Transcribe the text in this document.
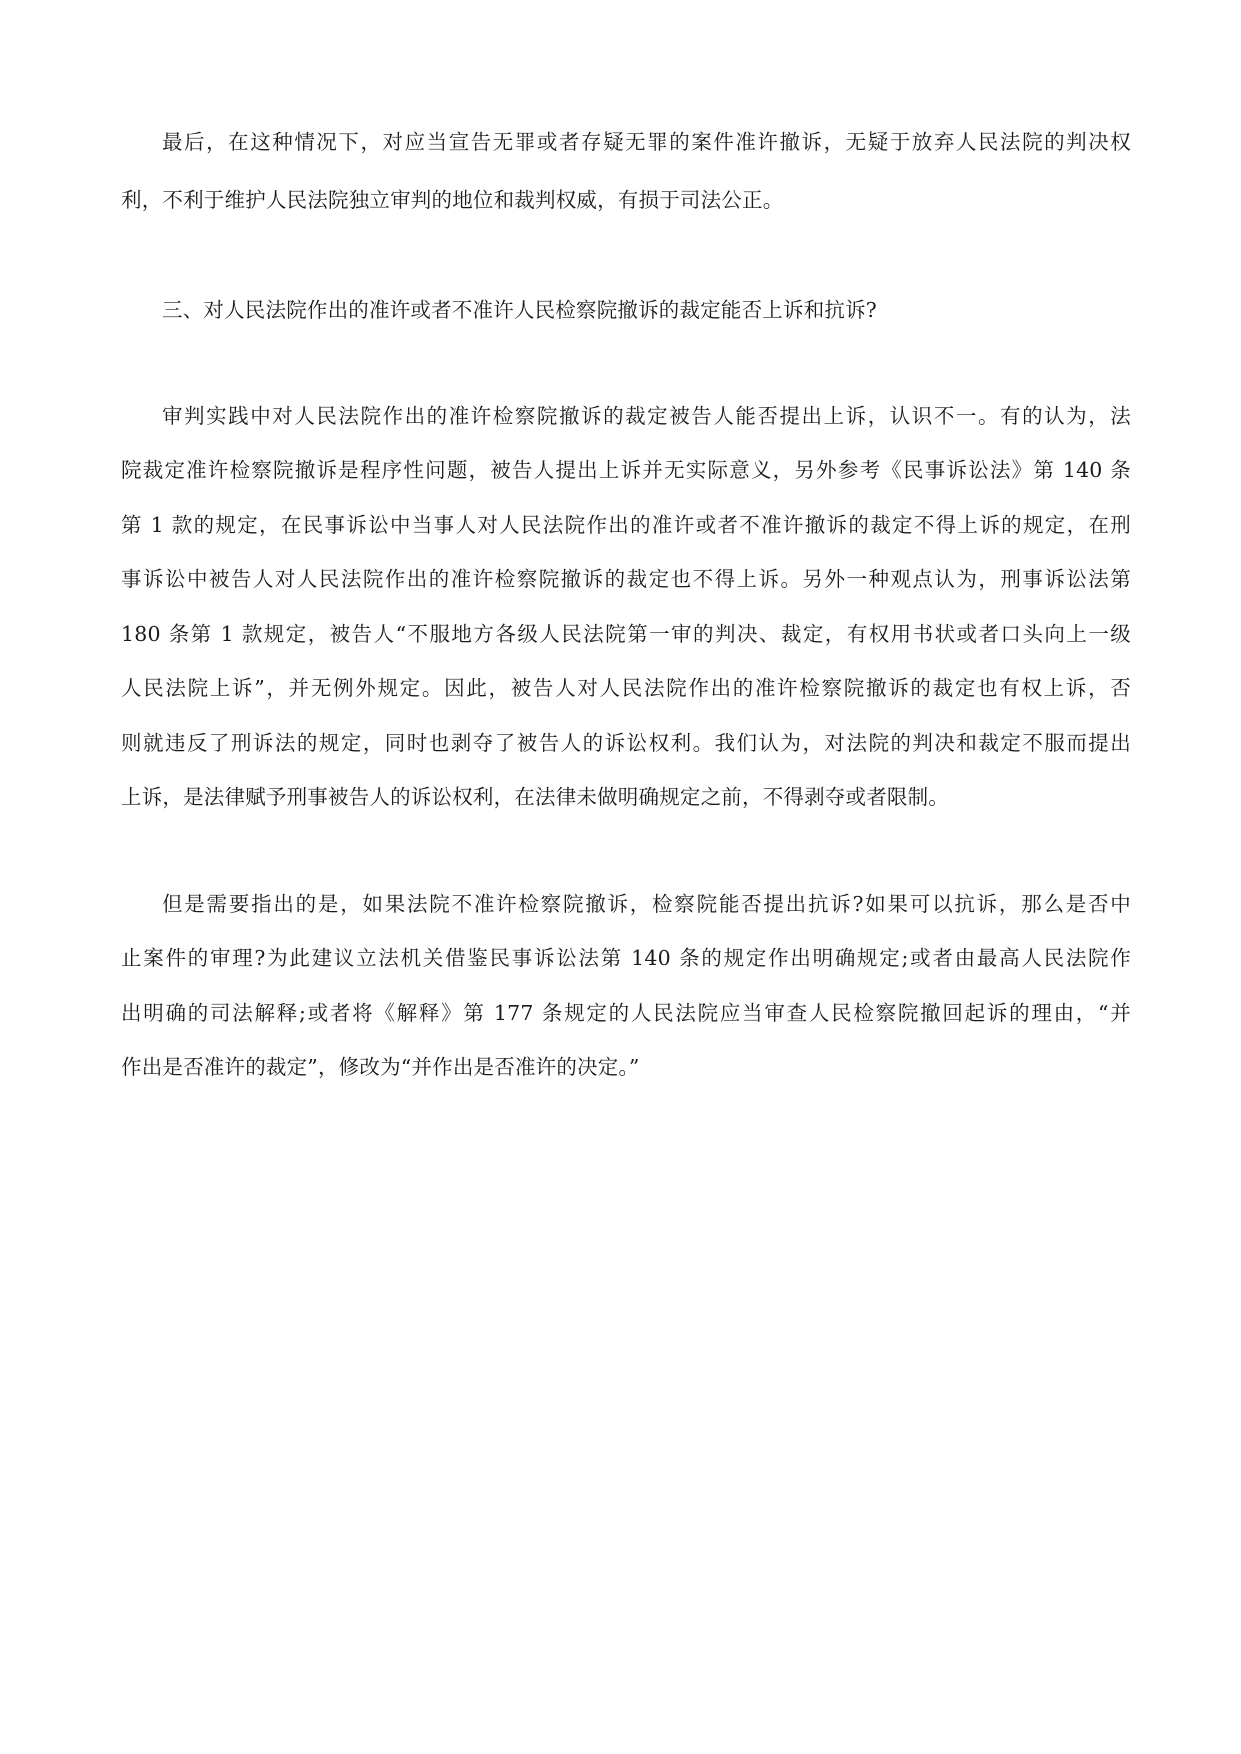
最后，在这种情况下，对应当宣告无罪或者存疑无罪的案件准许撤诉，无疑于放弃人民法院的判决权
利，不利于维护人民法院独立审判的地位和裁判权威，有损于司法公正。
三、对人民法院作出的准许或者不准许人民检察院撤诉的裁定能否上诉和抗诉?
审判实践中对人民法院作出的准许检察院撤诉的裁定被告人能否提出上诉，认识不一。有的认为，法
院裁定准许检察院撤诉是程序性问题，被告人提出上诉并无实际意义，另外参考《民事诉讼法》第 140 条
第 1 款的规定，在民事诉讼中当事人对人民法院作出的准许或者不准许撤诉的裁定不得上诉的规定，在刑
事诉讼中被告人对人民法院作出的准许检察院撤诉的裁定也不得上诉。另外一种观点认为，刑事诉讼法第
180 条第 1 款规定，被告人“不服地方各级人民法院第一审的判决、裁定，有权用书状或者口头向上一级
人民法院上诉”，并无例外规定。因此，被告人对人民法院作出的准许检察院撤诉的裁定也有权上诉，否
则就违反了刑诉法的规定，同时也剥夺了被告人的诉讼权利。我们认为，对法院的判决和裁定不服而提出
上诉，是法律赋予刑事被告人的诉讼权利，在法律未做明确规定之前，不得剥夺或者限制。
但是需要指出的是，如果法院不准许检察院撤诉，检察院能否提出抗诉?如果可以抗诉，那么是否中
止案件的审理?为此建议立法机关借鉴民事诉讼法第 140 条的规定作出明确规定;或者由最高人民法院作
出明确的司法解释;或者将《解释》第 177 条规定的人民法院应当审查人民检察院撤回起诉的理由，“并
作出是否准许的裁定”，修改为“并作出是否准许的决定。”
